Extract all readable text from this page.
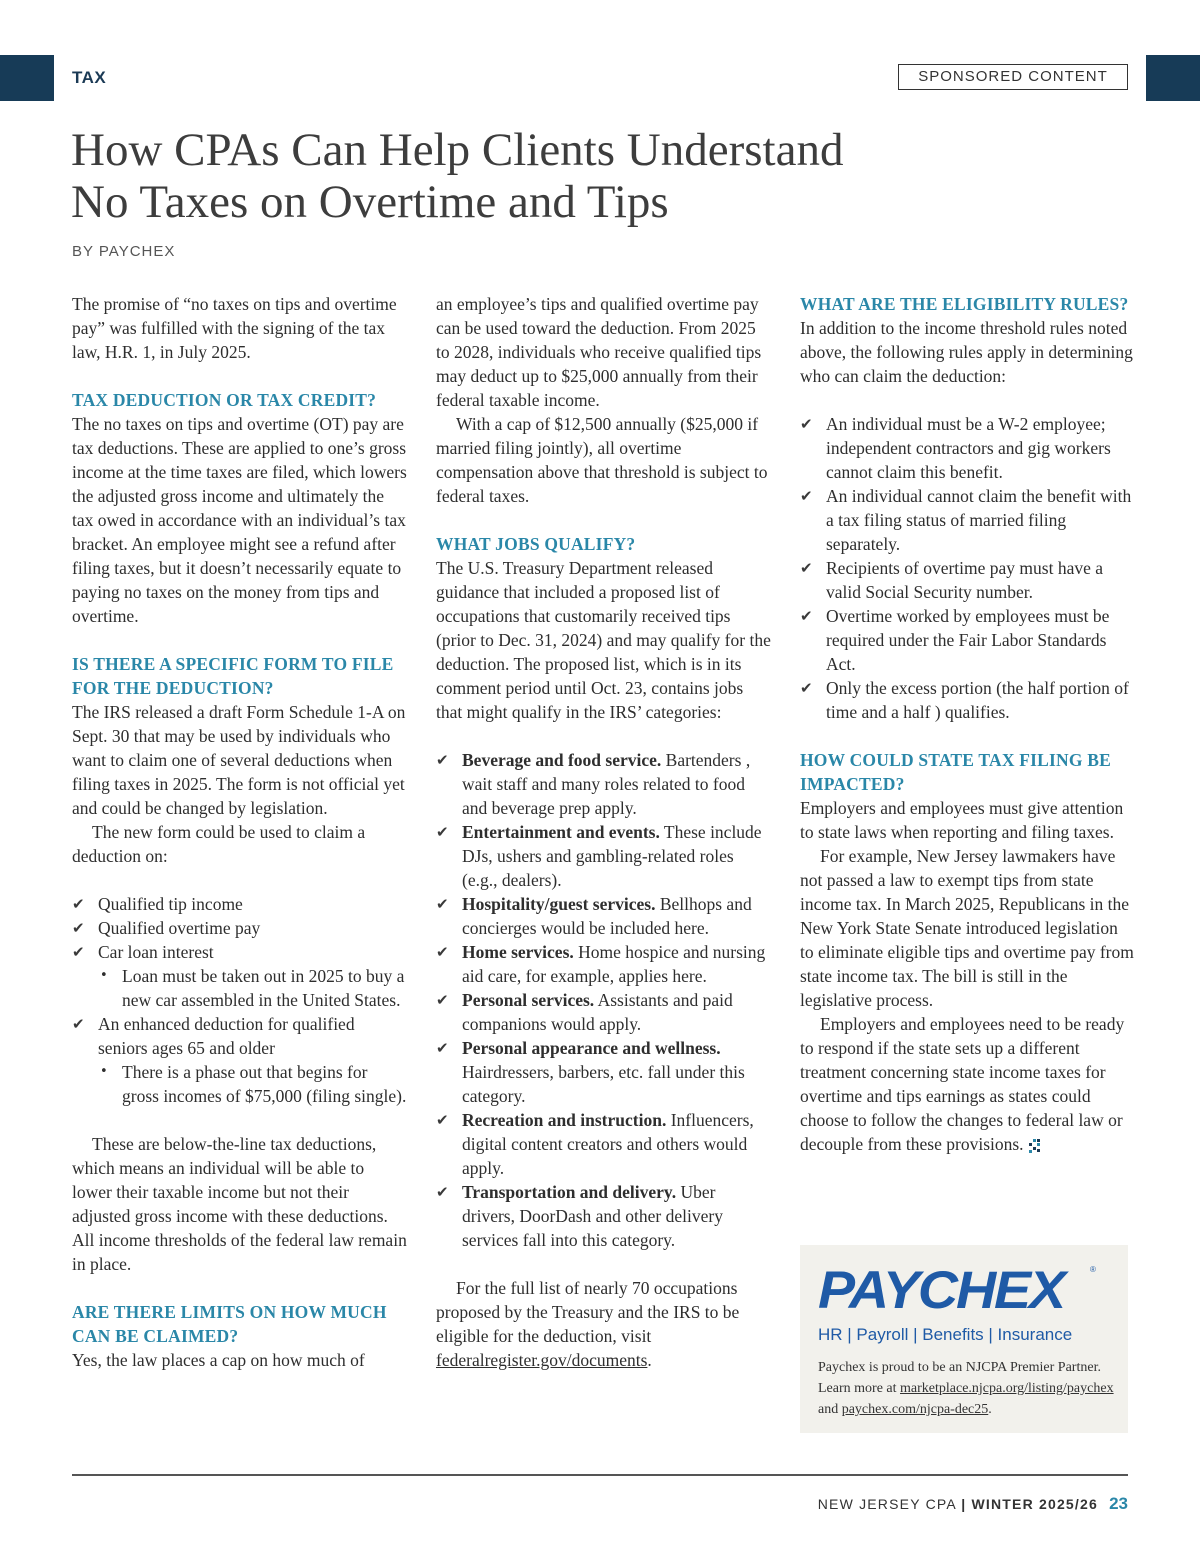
TAX	SPONSORED CONTENT
How CPAs Can Help Clients Understand
No Taxes on Overtime and Tips
BY PAYCHEX

The promise of “no taxes on tips and overtime pay” was fulfilled with the signing of the tax law, H.R. 1, in July 2025.

TAX DEDUCTION OR TAX CREDIT?

The no taxes on tips and overtime (OT) pay are tax deductions. These are applied to one’s gross income at the time taxes are filed, which lowers the adjusted gross income and ultimately the tax owed in accordance with an individual’s tax bracket. An employee might see a refund after filing taxes, but it doesn’t necessarily equate to paying no taxes on the money from tips and overtime.

IS THERE A SPECIFIC FORM TO FILE FOR THE DEDUCTION?

The IRS released a draft Form Schedule 1-A on Sept. 30 that may be used by individuals who want to claim one of several deductions when filing taxes in 2025. The form is not official yet and could be changed by legislation.

The new form could be used to claim a deduction on:

✔ Qualified tip income
✔ Qualified overtime pay
✔ Car loan interest
• Loan must be taken out in 2025 to buy a new car assembled in the United States.
✔ An enhanced deduction for qualified seniors ages 65 and older
• There is a phase out that begins for gross incomes of $75,000 (filing single).

These are below-the-line tax deductions, which means an individual will be able to lower their taxable income but not their adjusted gross income with these deductions. All income thresholds of the federal law remain in place.

ARE THERE LIMITS ON HOW MUCH CAN BE CLAIMED?

Yes, the law places a cap on how much of

an employee’s tips and qualified overtime pay can be used toward the deduction. From 2025 to 2028, individuals who receive qualified tips may deduct up to $25,000 annually from their federal taxable income.

With a cap of $12,500 annually ($25,000 if married filing jointly), all overtime compensation above that threshold is subject to federal taxes.

WHAT JOBS QUALIFY?

The U.S. Treasury Department released guidance that included a proposed list of occupations that customarily received tips (prior to Dec. 31, 2024) and may qualify for the deduction. The proposed list, which is in its comment period until Oct. 23, contains jobs that might qualify in the IRS’ categories:

✔ Beverage and food service. Bartenders , wait staff and many roles related to food and beverage prep apply.
✔ Entertainment and events. These include DJs, ushers and gambling-related roles (e.g., dealers).
✔ Hospitality/guest services. Bellhops and concierges would be included here.
✔ Home services. Home hospice and nursing aid care, for example, applies here.
✔ Personal services. Assistants and paid companions would apply.
✔ Personal appearance and wellness. Hairdressers, barbers, etc. fall under this category.
✔ Recreation and instruction. Influencers, digital content creators and others would apply.
✔ Transportation and delivery. Uber drivers, DoorDash and other delivery services fall into this category.

For the full list of nearly 70 occupations proposed by the Treasury and the IRS to be eligible for the deduction, visit federalregister.gov/documents.

WHAT ARE THE ELIGIBILITY RULES?

In addition to the income threshold rules noted above, the following rules apply in determining who can claim the deduction:

✔ An individual must be a W-2 employee; independent contractors and gig workers cannot claim this benefit.
✔ An individual cannot claim the benefit with a tax filing status of married filing separately.
✔ Recipients of overtime pay must have a valid Social Security number.
✔ Overtime worked by employees must be required under the Fair Labor Standards Act.
✔ Only the excess portion (the half portion of time and a half ) qualifies.
HOW COULD STATE TAX FILING BE IMPACTED?

Employers and employees must give attention to state laws when reporting and filing taxes.

For example, New Jersey lawmakers have not passed a law to exempt tips from state income tax. In March 2025, Republicans in the New York State Senate introduced legislation to eliminate eligible tips and overtime pay from state income tax. The bill is still in the legislative process.

Employers and employees need to be ready to respond if the state sets up a different treatment concerning state income taxes for overtime and tips earnings as states could choose to follow the changes to federal law or decouple from these provisions.

PAYCHEX	®
HR | Payroll | Benefits | Insurance
Paychex is proud to be an NJCPA Premier Partner. Learn more at marketplace.njcpa.org/listing/paychex and paychex.com/njcpa-dec25.
NEW JERSEY CPA | WINTER 2025/26 23
